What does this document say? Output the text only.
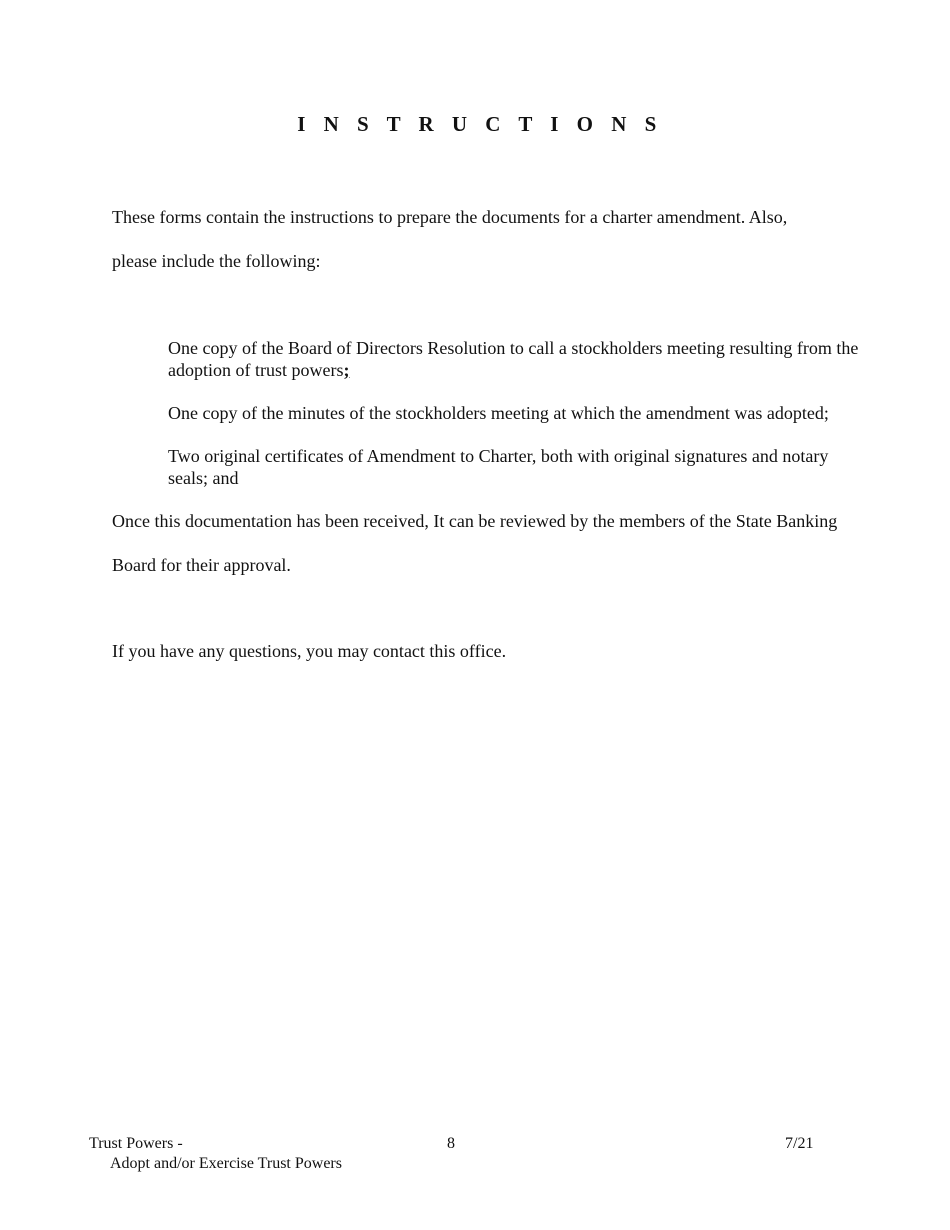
I N S T R U C T I O N S

These forms contain the instructions to prepare the documents for a charter amendment. Also,

please include the following:

One copy of the Board of Directors Resolution to call a stockholders meeting resulting from the adoption of trust powers;

One copy of the minutes of the stockholders meeting at which the amendment was adopted;

Two original certificates of Amendment to Charter, both with original signatures and notary seals; and

Once this documentation has been received, It can be reviewed by the members of the State Banking

Board for their approval.

If you have any questions, you may contact this office.

Trust Powers -

Adopt and/or Exercise Trust Powers

8	7/21
